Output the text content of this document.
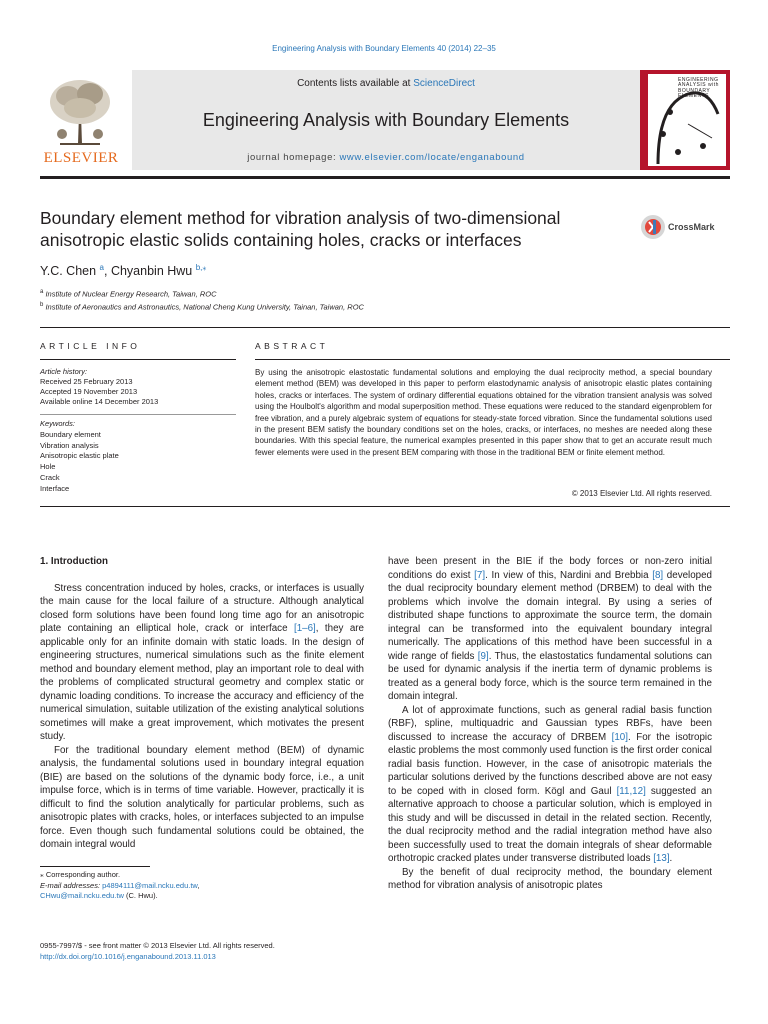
Engineering Analysis with Boundary Elements 40 (2014) 22–35
ELSEVIER
Contents lists available at ScienceDirect
Engineering Analysis with Boundary Elements
journal homepage: www.elsevier.com/locate/enganabound
ENGINEERING
ANALYSIS with
BOUNDARY
ELEMENTS
Boundary element method for vibration analysis of two-dimensional anisotropic elastic solids containing holes, cracks or interfaces
CrossMark
Y.C. Chen $^a$, Chyanbin Hwu $^{b,⁎}$
$^a$ Institute of Nuclear Energy Research, Taiwan, ROC
$^b$ Institute of Aeronautics and Astronautics, National Cheng Kung University, Tainan, Taiwan, ROC
ARTICLE INFO	ABSTRACT
Article history:
Received 25 February 2013
Accepted 19 November 2013
Available online 14 December 2013
Keywords:
Boundary element
Vibration analysis
Anisotropic elastic plate
Hole
Crack
Interface
By using the anisotropic elastostatic fundamental solutions and employing the dual reciprocity method, a special boundary element method (BEM) was developed in this paper to perform elastodynamic analysis of anisotropic elastic plates containing holes, cracks or interfaces. The system of ordinary differential equations obtained for the vibration transient analysis was solved using the Houlbolt's algorithm and modal superposition method. These equations were reduced to the standard eigenproblem for free vibration, and a purely algebraic system of equations for steady-state forced vibration. Since the fundamental solutions used in the present BEM satisfy the boundary conditions set on the holes, cracks, or interfaces, no meshes are needed along these boundaries. With this special feature, the numerical examples presented in this paper show that to get an accurate result much fewer elements were used in the present BEM comparing with those in the traditional BEM or finite element method.
© 2013 Elsevier Ltd. All rights reserved.
1. Introduction

Stress concentration induced by holes, cracks, or interfaces is usually the main cause for the local failure of a structure. Although analytical closed form solutions have been found long time ago for an anisotropic plate containing an elliptical hole, crack or interface [1–6], they are applicable only for an infinite domain with static loads. In the design of engineering structures, numerical simulations such as the finite element method and boundary element method, play an important role to deal with the problems of complicated structural geometry and complex static or dynamic loading conditions. To increase the accuracy and efficiency of the numerical simulation, suitable utilization of the existing analytical solutions sometimes will make a great improvement, which motivates the present study.

For the traditional boundary element method (BEM) of dynamic analysis, the fundamental solutions used in boundary integral equation (BIE) are based on the solutions of the dynamic body force, i.e., a unit impulse force, which is in terms of time variable. However, practically it is difficult to find the solution analytically for particular problems, such as anisotropic plates with cracks, holes, or interfaces subjected to an impulse force. Even though such fundamental solutions could be obtained, the domain integral would

have been present in the BIE if the body forces or non-zero initial conditions do exist [7]. In view of this, Nardini and Brebbia [8] developed the dual reciprocity boundary element method (DRBEM) to deal with the problems which involve the domain integral. By using a series of distributed shape functions to approximate the source term, the domain integral can be transformed into the equivalent boundary integral numerically. The applications of this method have been successful in a wide range of fields [9]. Thus, the elastostatics fundamental solutions can be used for dynamic analysis if the inertia term of dynamic problems is treated as a general body force, which is the source term remained in the domain integral.

A lot of approximate functions, such as general radial basis function (RBF), spline, multiquadric and Gaussian types RBFs, have been discussed to increase the accuracy of DRBEM [10]. For the isotropic elastic problems the most commonly used function is the first order conical radial basis function. However, in the case of anisotropic materials the particular solutions derived by the functions described above are not easy to be coped with in closed form. Kögl and Gaul [11,12] suggested an alternative approach to choose a particular solution, which is employed in this study and will be discussed in detail in the related section. Recently, the dual reciprocity method and the radial integration method have also been successfully used to treat the domain integrals of shear deformable orthotropic cracked plates under transverse distributed loads [13].

By the benefit of dual reciprocity method, the boundary element method for vibration analysis of anisotropic plates

⁎ Corresponding author.
E-mail addresses: p4894111@mail.ncku.edu.tw,
CHwu@mail.ncku.edu.tw (C. Hwu).
0955-7997/$ - see front matter © 2013 Elsevier Ltd. All rights reserved.
http://dx.doi.org/10.1016/j.enganabound.2013.11.013
